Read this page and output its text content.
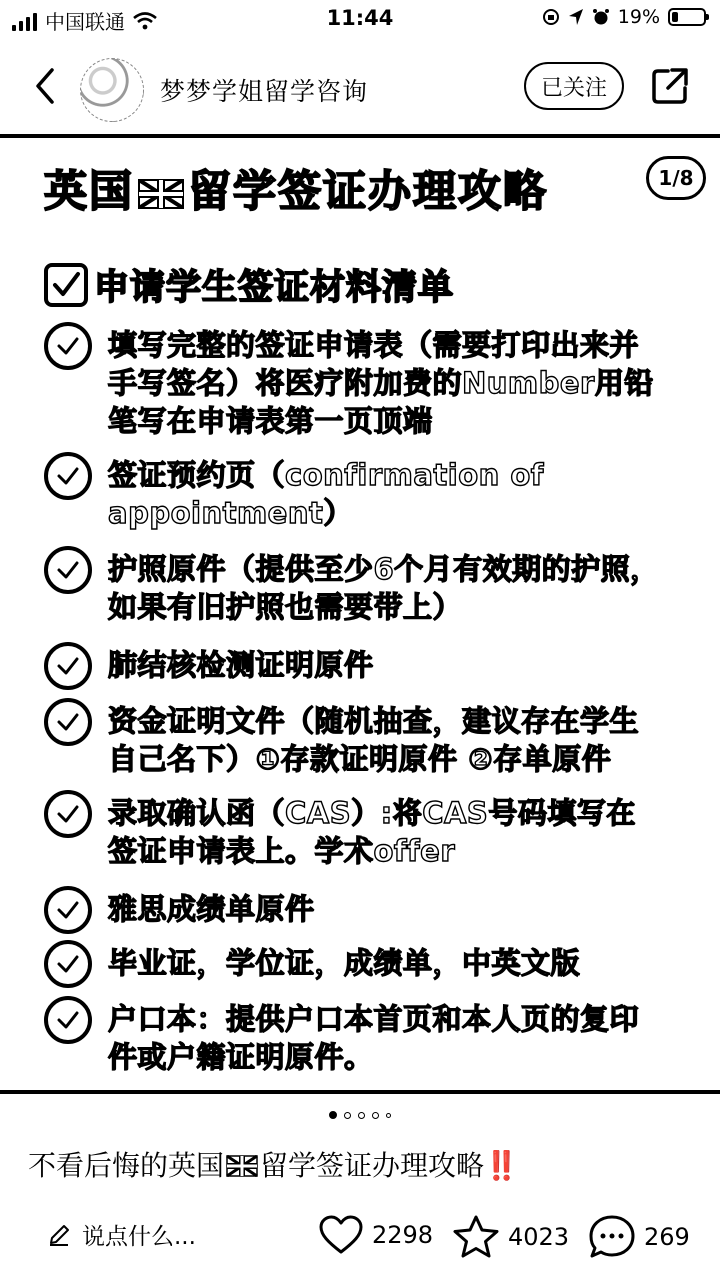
中国联通	11:44	19%
梦梦学姐留学咨询	已关注
英国 留学签证办理攻略	1/8
申请学生签证材料清单
填写完整的签证申请表（需要打印出来并手写签名）将医疗附加费的Number用铅笔写在申请表第一页顶端
签证预约页（confirmation of appointment）
护照原件（提供至少6个月有效期的护照，如果有旧护照也需要带上）
肺结核检测证明原件
资金证明文件（随机抽查，建议存在学生自己名下）①存款证明原件 ②存单原件
录取确认函（CAS）:将CAS号码填写在签证申请表上。学术offer
雅思成绩单原件
毕业证，学位证，成绩单，中英文版
户口本：提供户口本首页和本人页的复印件或户籍证明原件。
不看后悔的英国 留学签证办理攻略‼️
说点什么...	2298	4023	269
